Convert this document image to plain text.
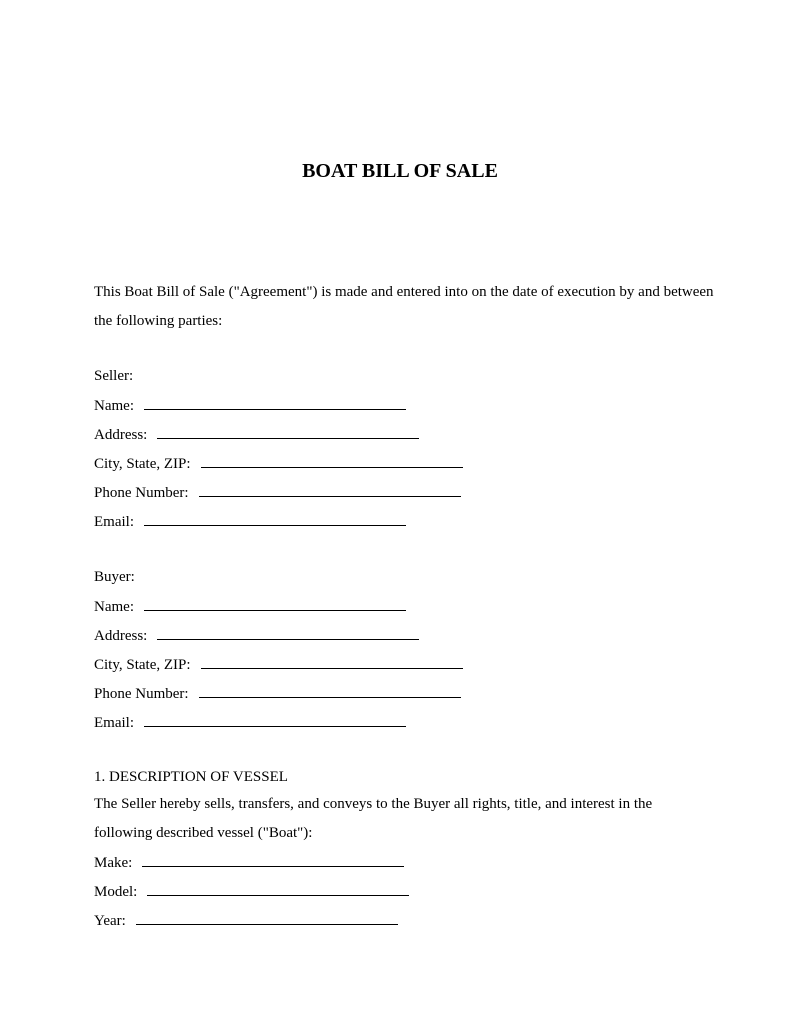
BOAT BILL OF SALE
This Boat Bill of Sale ("Agreement") is made and entered into on the date of execution by and between the following parties:
Seller:
Name:
Address:
City, State, ZIP:
Phone Number:
Email:
Buyer:
Name:
Address:
City, State, ZIP:
Phone Number:
Email:
1. DESCRIPTION OF VESSEL
The Seller hereby sells, transfers, and conveys to the Buyer all rights, title, and interest in the following described vessel ("Boat"):
Make:
Model:
Year:
